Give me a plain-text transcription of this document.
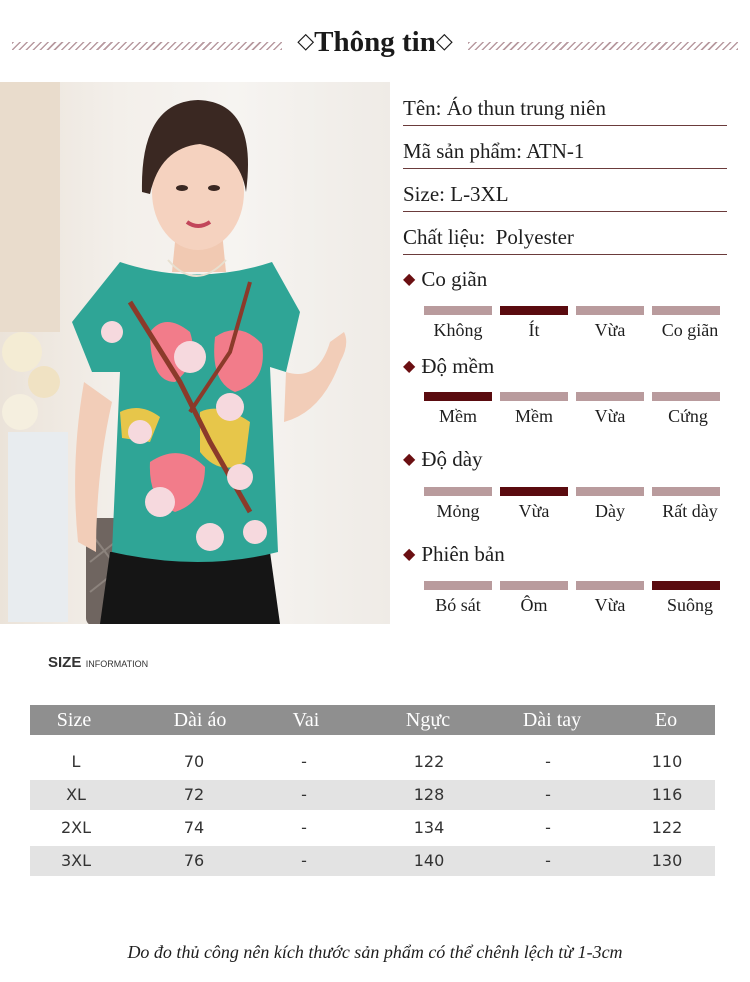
◇Thông tin◇
Tên: Áo thun trung niên
Mã sản phẩm: ATN-1
Size: L-3XL
Chất liệu:  Polyester
◆ Co giãn
Không	Ít	Vừa	Co giãn
◆ Độ mềm
Mềm	Mềm	Vừa	Cứng
◆ Độ dày
Mỏng	Vừa	Dày	Rất dày
◆ Phiên bản
Bó sát	Ôm	Vừa	Suông
SIZE INFORMATION
Size	Dài áo	Vai	Ngực	Dài tay	Eo
L	70	-	122	-	110
XL	72	-	128	-	116
2XL	74	-	134	-	122
3XL	76	-	140	-	130
Do đo thủ công nên kích thước sản phẩm có thể chênh lệch từ 1-3cm
